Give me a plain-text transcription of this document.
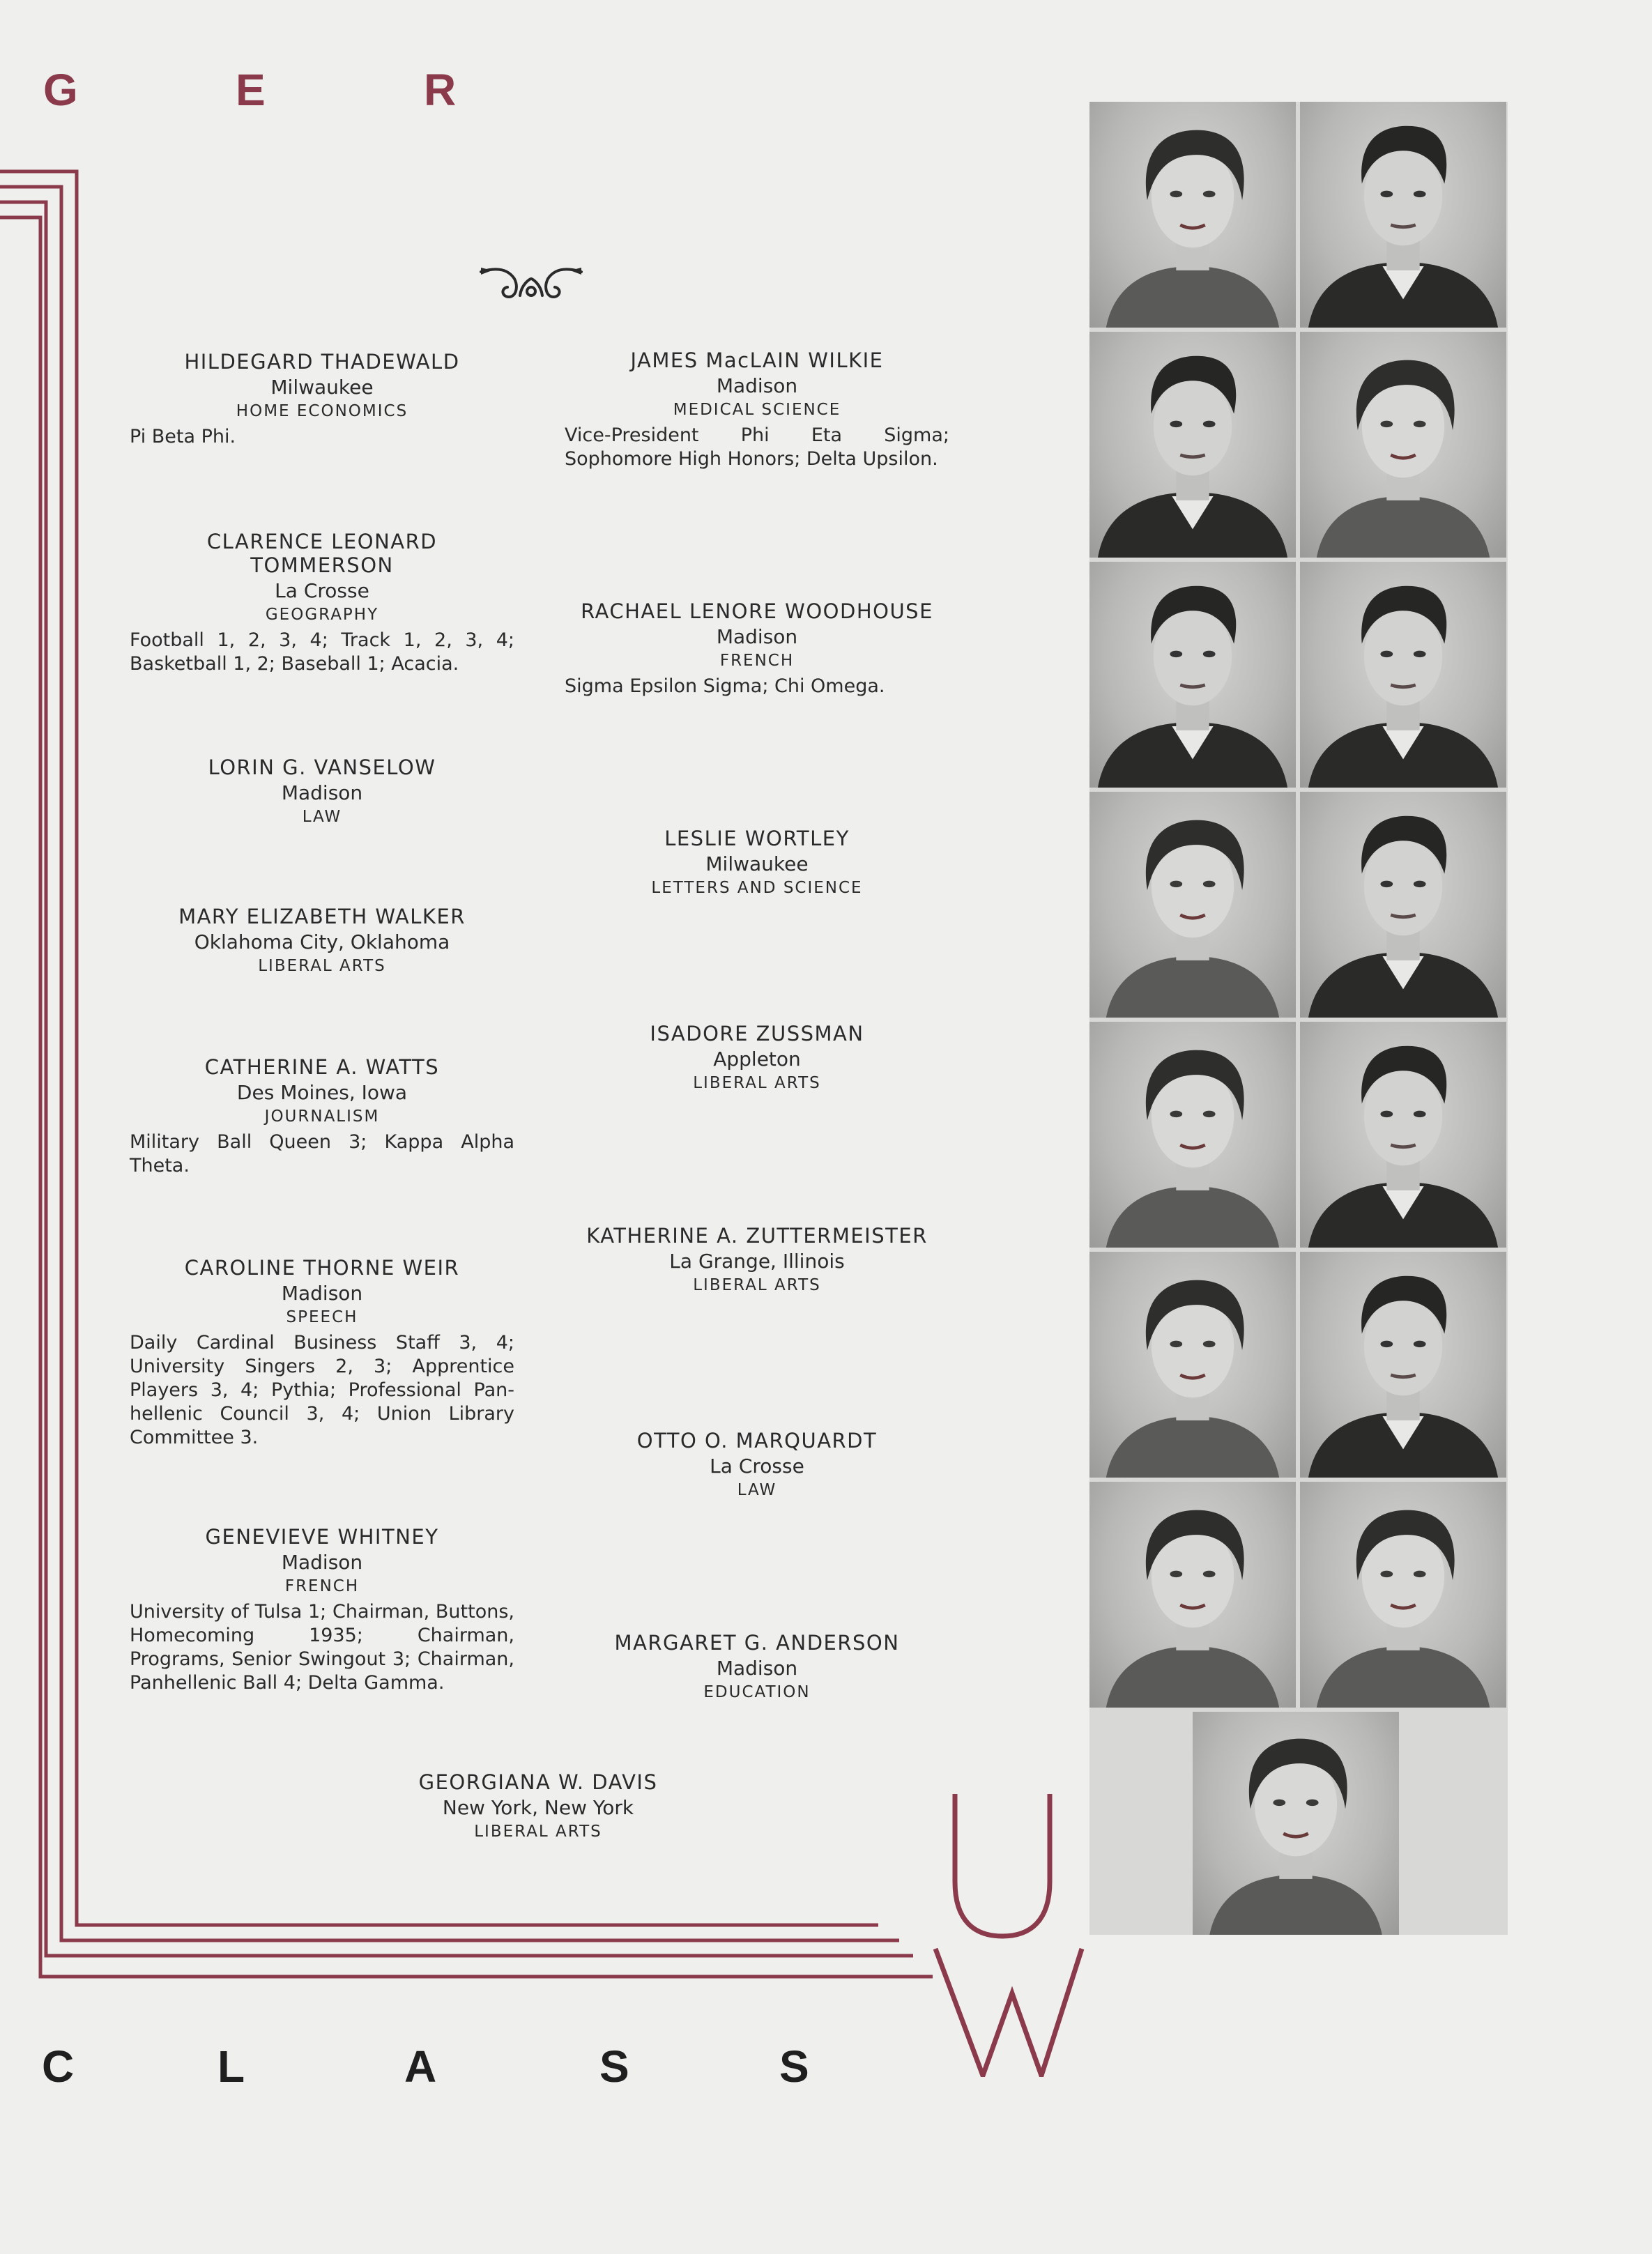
G	E	R
HILDEGARD THADEWALD
Milwaukee
HOME ECONOMICS
Pi Beta Phi.
CLARENCE LEONARD TOMMERSON
La Crosse
GEOGRAPHY
Football 1, 2, 3, 4; Track 1, 2, 3, 4; Basketball 1, 2; Baseball 1; Acacia.
LORIN G. VANSELOW
Madison
LAW
MARY ELIZABETH WALKER
Oklahoma City, Oklahoma
LIBERAL ARTS
CATHERINE A. WATTS
Des Moines, Iowa
JOURNALISM
Military Ball Queen 3; Kappa Alpha Theta.
CAROLINE THORNE WEIR
Madison
SPEECH
Daily Cardinal Business Staff 3, 4; University Singers 2, 3; Apprentice Players 3, 4; Pythia; Professional Pan-hellenic Council 3, 4; Union Library Committee 3.
GENEVIEVE WHITNEY
Madison
FRENCH
University of Tulsa 1; Chairman, Buttons, Homecoming 1935; Chairman, Programs, Senior Swingout 3; Chairman, Panhellenic Ball 4; Delta Gamma.
JAMES MacLAIN WILKIE
Madison
MEDICAL SCIENCE
Vice-President Phi Eta Sigma; Sophomore High Honors; Delta Upsilon.
RACHAEL LENORE WOODHOUSE
Madison
FRENCH
Sigma Epsilon Sigma; Chi Omega.
LESLIE WORTLEY
Milwaukee
LETTERS AND SCIENCE
ISADORE ZUSSMAN
Appleton
LIBERAL ARTS
KATHERINE A. ZUTTERMEISTER
La Grange, Illinois
LIBERAL ARTS
OTTO O. MARQUARDT
La Crosse
LAW
MARGARET G. ANDERSON
Madison
EDUCATION
GEORGIANA W. DAVIS
New York, New York
LIBERAL ARTS
C	L	A	S	S
